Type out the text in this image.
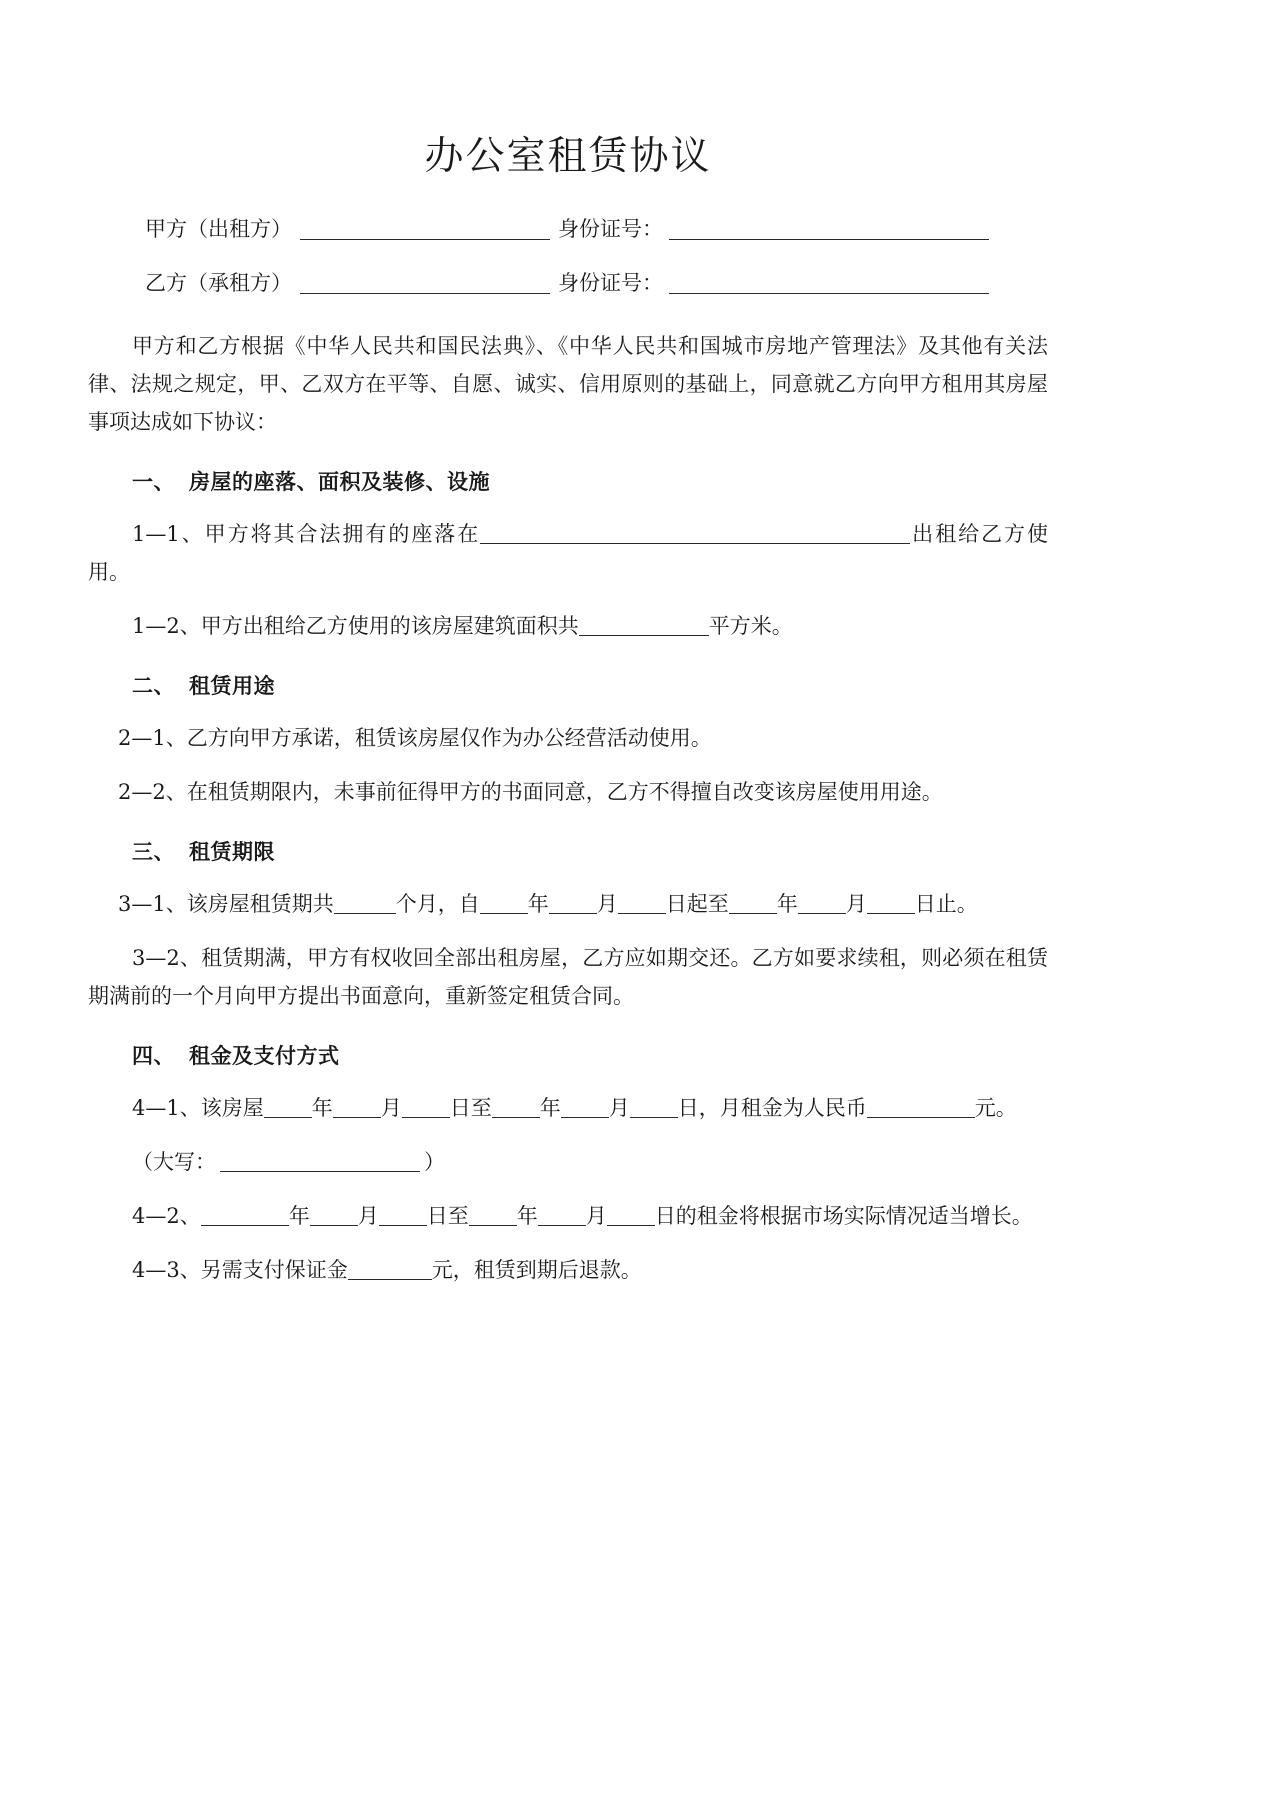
办公室租赁协议
甲方（出租方）	身份证号：
乙方（承租方）	身份证号：

甲方和乙方根据《中华人民共和国民法典》、《中华人民共和国城市房地产管理法》及其他有关法律、法规之规定，甲、乙双方在平等、自愿、诚实、信用原则的基础上，同意就乙方向甲方租用其房屋事项达成如下协议：

一、 房屋的座落、面积及装修、设施

1—1、甲方将其合法拥有的座落在	出租给乙方使用。

1—2、甲方出租给乙方使用的该房屋建筑面积共	平方米。

二、 租赁用途

2—1、乙方向甲方承诺，租赁该房屋仅作为办公经营活动使用。

2—2、在租赁期限内，未事前征得甲方的书面同意，乙方不得擅自改变该房屋使用用途。

三、 租赁期限

3—1、该房屋租赁期共	个月，自 年 月 日起至 年 月 日止。

3—2、租赁期满，甲方有权收回全部出租房屋，乙方应如期交还。乙方如要求续租，则必须在租赁期满前的一个月向甲方提出书面意向，重新签定租赁合同。

四、 租金及支付方式

4—1、该房屋 年 月 日至 年 月 日，月租金为人民币	元。

（大写：	）

4—2、	年 月 日至 年 月 日的租金将根据市场实际情况适当增长。

4—3、另需支付保证金	元，租赁到期后退款。
